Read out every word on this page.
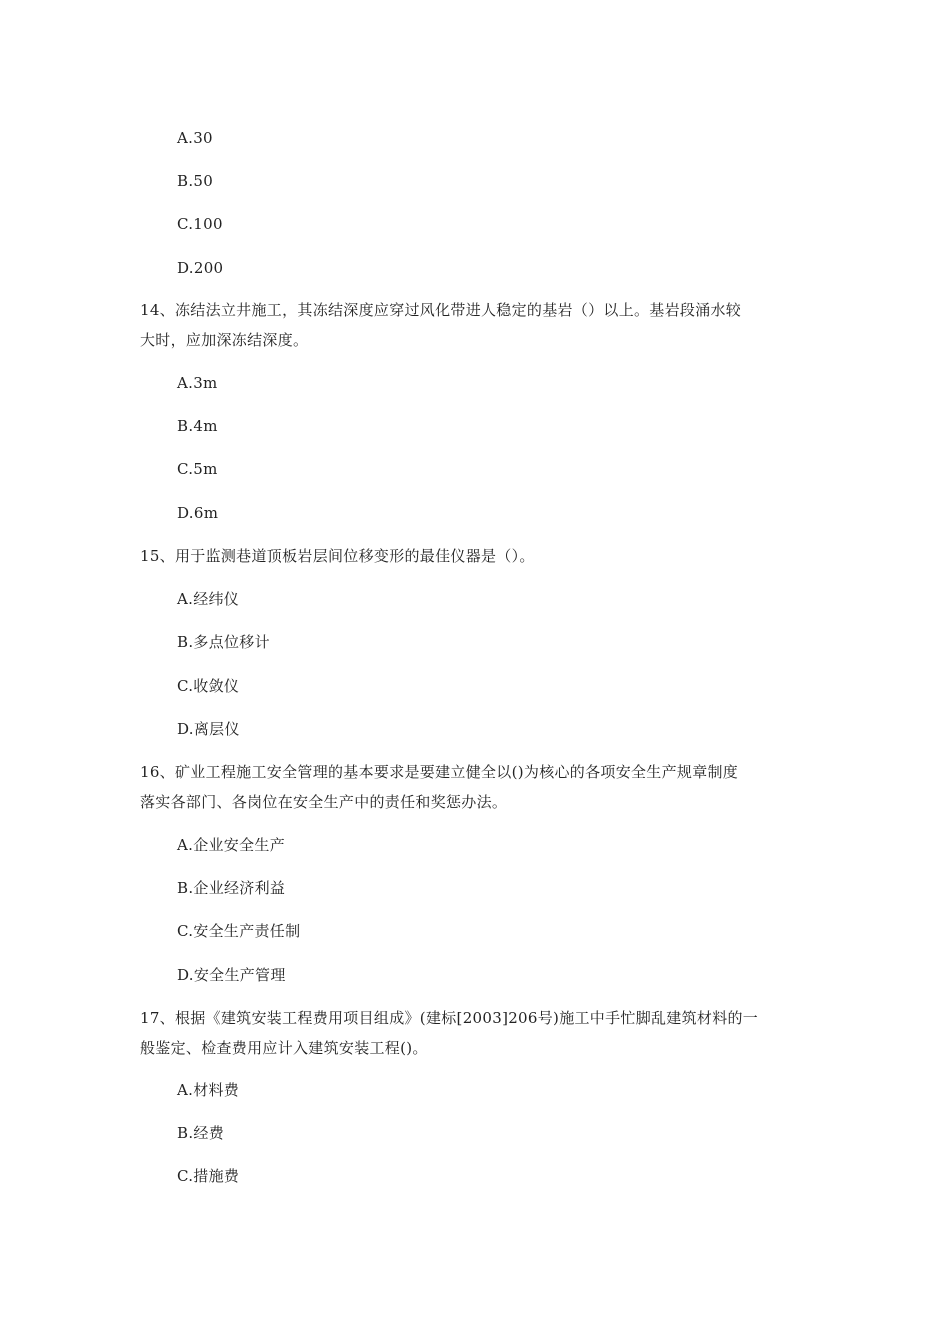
A.30
B.50
C.100
D.200
14、冻结法立井施工，其冻结深度应穿过风化带进人稳定的基岩（）以上。基岩段涌水较
大时，应加深冻结深度。
A.3m
B.4m
C.5m
D.6m
15、用于监测巷道顶板岩层间位移变形的最佳仪器是（）。
A.经纬仪
B.多点位移计
C.收敛仪
D.离层仪
16、矿业工程施工安全管理的基本要求是要建立健全以()为核心的各项安全生产规章制度
落实各部门、各岗位在安全生产中的责任和奖惩办法。
A.企业安全生产
B.企业经济利益
C.安全生产责任制
D.安全生产管理
17、根据《建筑安装工程费用项目组成》(建标[2003]206号)施工中手忙脚乱建筑材料的一
般鉴定、检查费用应计入建筑安装工程()。
A.材料费
B.经费
C.措施费
